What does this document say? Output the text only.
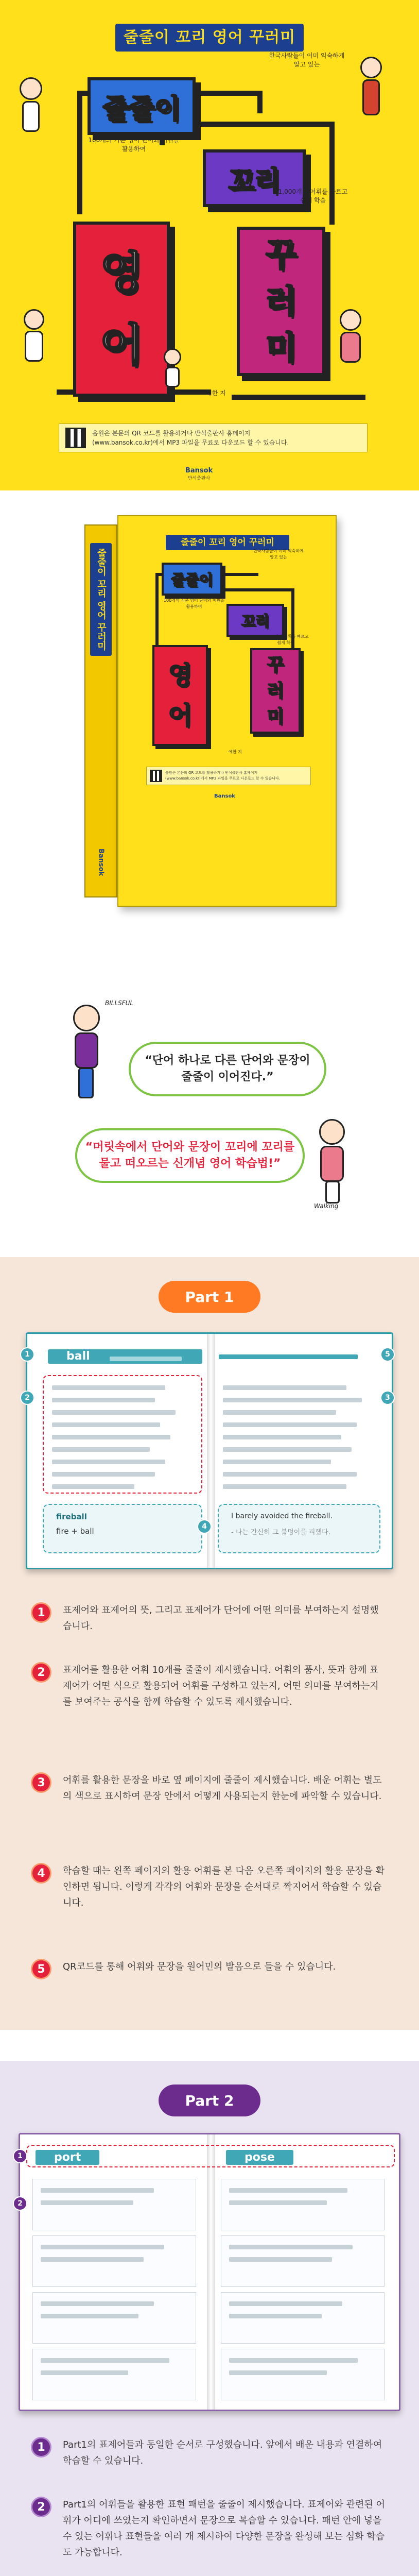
줄줄이 꼬리 영어 꾸러미
줄줄이
꼬리
영
어
꾸
러
미
한국사람들이 이미 익숙하게
알고 있는
100개의 기본 영어 단어와 어원을
활용하여
1,000개의 어휘를 빠르고
쉽게 학습
예한 지
음원은 본문의 QR 코드를 활용하거나 반석출판사 홈페이지
(www.bansok.co.kr)에서 MP3 파일을 무료로 다운로드 할 수 있습니다.
Bansok
반석출판사
줄줄이 꼬리 영어 꾸러미
Bansok
줄줄이 꼬리 영어 꾸러미
줄줄이
꼬리
영
어
꾸
러
미
한국사람들이 이미 익숙하게
알고 있는
100개의 기본 영어 단어와 어원을
활용하여
1,000개의 어휘를 빠르고
쉽게 학습
예한 지
음원은 본문의 QR 코드를 활용하거나 반석출판사 홈페이지
(www.bansok.co.kr)에서 MP3 파일을 무료로 다운로드 할 수 있습니다.
Bansok
BILLSFUL
“단어 하나로 다른 단어와 문장이
줄줄이 이어진다.”
“머릿속에서 단어와 문장이 꼬리에 꼬리를
물고 떠오르는 신개념 영어 학습법!”
Walking
Part 1
ball
fireball
fire + ball
I barely avoided the fireball.
- 나는 간신히 그 불덩이를 피했다.
1
2	3
4
5
1	표제어와 표제어의 뜻, 그리고 표제어가 단어에 어떤 의미를 부여하는지 설명했습니다.
2	표제어를 활용한 어휘 10개를 줄줄이 제시했습니다. 어휘의 품사, 뜻과 함께 표제어가 어떤 식으로 활용되어 어휘를 구성하고 있는지, 어떤 의미를 부여하는지를 보여주는 공식을 함께 학습할 수 있도록 제시했습니다.
3	어휘를 활용한 문장을 바로 옆 페이지에 줄줄이 제시했습니다. 배운 어휘는 별도의 색으로 표시하여 문장 안에서 어떻게 사용되는지 한눈에 파악할 수 있습니다.
4	학습할 때는 왼쪽 페이지의 활용 어휘를 본 다음 오른쪽 페이지의 활용 문장을 확인하면 됩니다. 이렇게 각각의 어휘와 문장을 순서대로 짝지어서 학습할 수 있습니다.
5	QR코드를 통해 어휘와 문장을 원어민의 발음으로 들을 수 있습니다.
Part 2
port	pose
1
2
1	Part1의 표제어들과 동일한 순서로 구성했습니다. 앞에서 배운 내용과 연결하여 학습할 수 있습니다.
2	Part1의 어휘들을 활용한 표현 패턴을 줄줄이 제시했습니다. 표제어와 관련된 어휘가 어디에 쓰였는지 확인하면서 문장으로 복습할 수 있습니다. 패턴 안에 넣을 수 있는 어휘나 표현들을 여러 개 제시하여 다양한 문장을 완성해 보는 심화 학습도 가능합니다.
